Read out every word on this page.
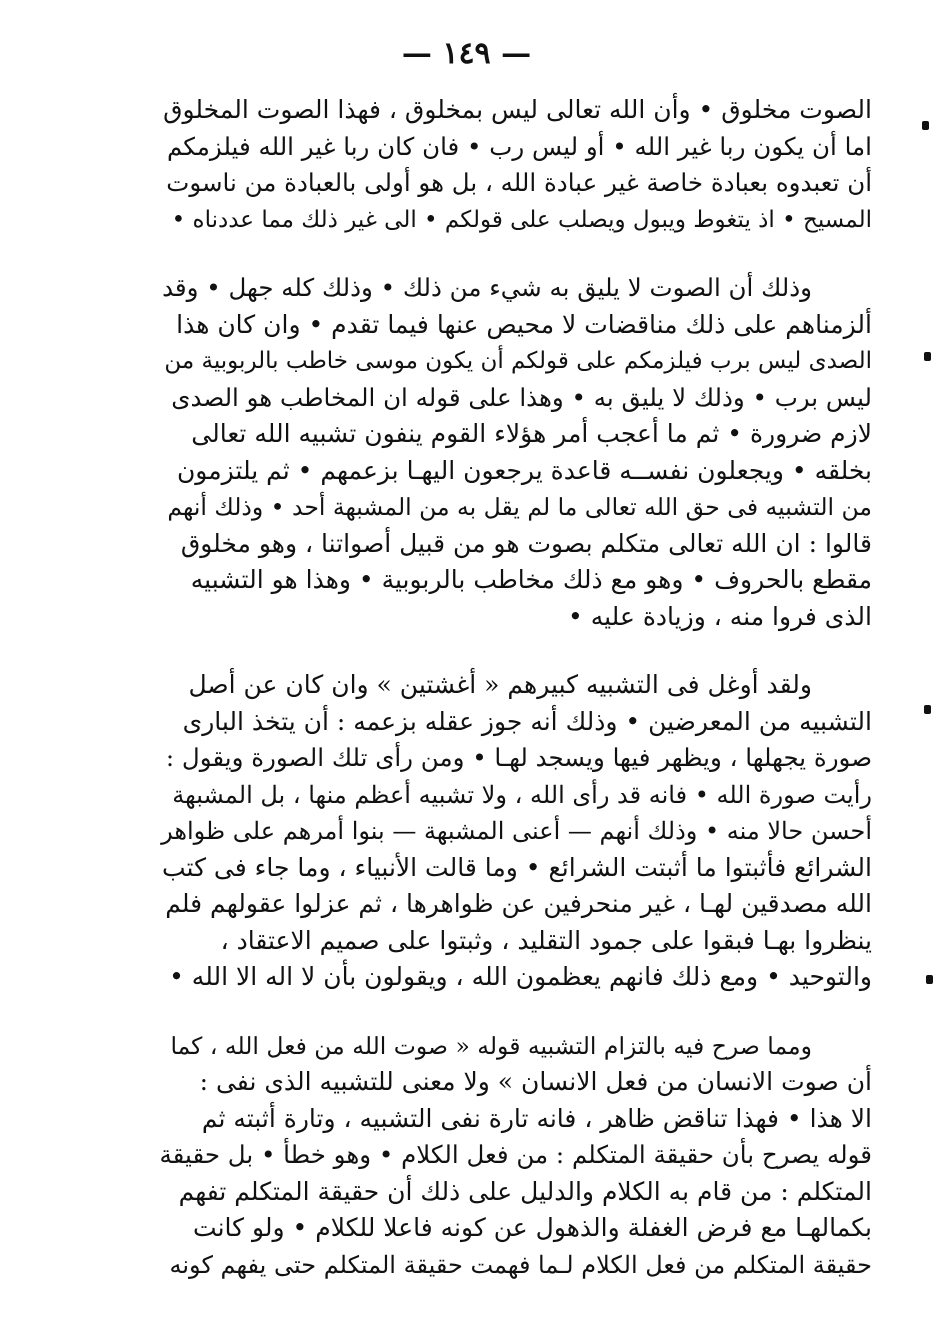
— ١٤٩ —
الصوت مخلوق • وأن الله تعالى ليس بمخلوق ، فهذا الصوت المخلوق
اما أن يكون ربا غير الله • أو ليس رب • فان كان ربا غير الله فيلزمكم
أن تعبدوه بعبادة خاصة غير عبادة الله ، بل هو أولى بالعبادة من ناسوت
المسيح • اذ يتغوط ويبول ويصلب على قولكم • الى غير ذلك مما عددناه •
وذلك أن الصوت لا يليق به شيء من ذلك • وذلك كله جهل • وقد
ألزمناهم على ذلك مناقضات لا محيص عنها فيما تقدم • وان كان هذا
الصدى ليس برب فيلزمكم على قولكم أن يكون موسى خاطب بالربوبية من
ليس برب • وذلك لا يليق به • وهذا على قوله ان المخاطب هو الصدى
لازم ضرورة • ثم ما أعجب أمر هؤلاء القوم ينفون تشبيه الله تعالى
بخلقه • ويجعلون نفســه قاعدة يرجعون اليهـا بزعمهم • ثم يلتزمون
من التشبيه فى حق الله تعالى ما لم يقل به من المشبهة أحد • وذلك أنهم
قالوا : ان الله تعالى متكلم بصوت هو من قبيل أصواتنا ، وهو مخلوق
مقطع بالحروف • وهو مع ذلك مخاطب بالربوبية • وهذا هو التشبيه
الذى فروا منه ، وزيادة عليه •
ولقد أوغل فى التشبيه كبيرهم « أغشتين » وان كان عن أصل
التشبيه من المعرضين • وذلك أنه جوز عقله بزعمه : أن يتخذ البارى
صورة يجهلها ، ويظهر فيها ويسجد لهـا • ومن رأى تلك الصورة ويقول :
رأيت صورة الله • فانه قد رأى الله ، ولا تشبيه أعظم منها ، بل المشبهة
أحسن حالا منه • وذلك أنهم — أعنى المشبهة — بنوا أمرهم على ظواهر
الشرائع فأثبتوا ما أثبتت الشرائع • وما قالت الأنبياء ، وما جاء فى كتب
الله مصدقين لهـا ، غير منحرفين عن ظواهرها ، ثم عزلوا عقولهم فلم
ينظروا بهـا فبقوا على جمود التقليد ، وثبتوا على صميم الاعتقاد ،
والتوحيد • ومع ذلك فانهم يعظمون الله ، ويقولون بأن لا اله الا الله •
ومما صرح فيه بالتزام التشبيه قوله « صوت الله من فعل الله ، كما
أن صوت الانسان من فعل الانسان » ولا معنى للتشبيه الذى نفى :
الا هذا • فهذا تناقض ظاهر ، فانه تارة نفى التشبيه ، وتارة أثبته ثم
قوله يصرح بأن حقيقة المتكلم : من فعل الكلام • وهو خطأ • بل حقيقة
المتكلم : من قام به الكلام والدليل على ذلك أن حقيقة المتكلم تفهم
بكمالهـا مع فرض الغفلة والذهول عن كونه فاعلا للكلام • ولو كانت
حقيقة المتكلم من فعل الكلام لـما فهمت حقيقة المتكلم حتى يفهم كونه
